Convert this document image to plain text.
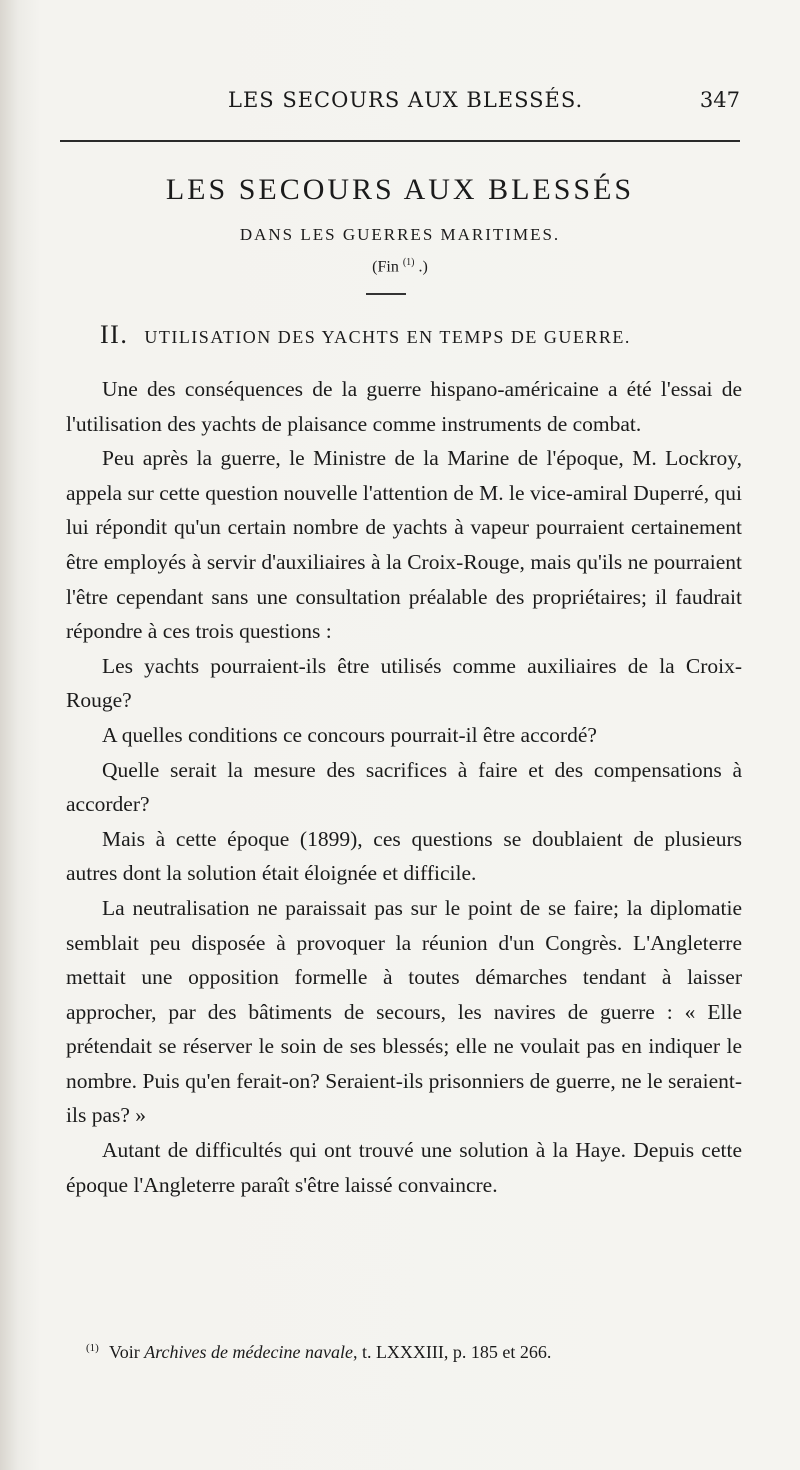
LES SECOURS AUX BLESSÉS.	347
LES SECOURS AUX BLESSÉS
DANS LES GUERRES MARITIMES.
(Fin $^{(1)}$ .)
II. UTILISATION DES YACHTS EN TEMPS DE GUERRE.

Une des conséquences de la guerre hispano-américaine a été l'essai de l'utilisation des yachts de plaisance comme instruments de combat.

Peu après la guerre, le Ministre de la Marine de l'époque, M. Lockroy, appela sur cette question nouvelle l'attention de M. le vice-amiral Duperré, qui lui répondit qu'un certain nombre de yachts à vapeur pourraient certainement être employés à servir d'auxiliaires à la Croix-Rouge, mais qu'ils ne pourraient l'être cependant sans une consultation préalable des propriétaires; il faudrait répondre à ces trois questions :

Les yachts pourraient-ils être utilisés comme auxiliaires de la Croix-Rouge?

A quelles conditions ce concours pourrait-il être accordé?

Quelle serait la mesure des sacrifices à faire et des compensations à accorder?

Mais à cette époque (1899), ces questions se doublaient de plusieurs autres dont la solution était éloignée et difficile.

La neutralisation ne paraissait pas sur le point de se faire; la diplomatie semblait peu disposée à provoquer la réunion d'un Congrès. L'Angleterre mettait une opposition formelle à toutes démarches tendant à laisser approcher, par des bâtiments de secours, les navires de guerre : « Elle prétendait se réserver le soin de ses blessés; elle ne voulait pas en indiquer le nombre. Puis qu'en ferait-on? Seraient-ils prisonniers de guerre, ne le seraient-ils pas? »

Autant de difficultés qui ont trouvé une solution à la Haye. Depuis cette époque l'Angleterre paraît s'être laissé convaincre.

$^{(1)}$ Voir Archives de médecine navale, t. LXXXIII, p. 185 et 266.
